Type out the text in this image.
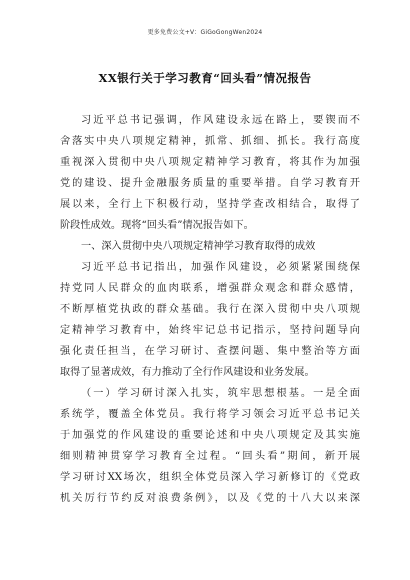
更多免费公文+V：GiGoGongWen2024
XX银行关于学习教育“回头看”情况报告
习近平总书记强调，作风建设永远在路上，要锲而不
舍落实中央八项规定精神，抓常、抓细、抓长。我行高度
重视深入贯彻中央八项规定精神学习教育，将其作为加强
党的建设、提升金融服务质量的重要举措。自学习教育开
展以来，全行上下积极行动，坚持学查改相结合，取得了
阶段性成效。现将“回头看”情况报告如下。
一、深入贯彻中央八项规定精神学习教育取得的成效
习近平总书记指出，加强作风建设，必须紧紧围绕保
持党同人民群众的血肉联系，增强群众观念和群众感情，
不断厚植党执政的群众基础。我行在深入贯彻中央八项规
定精神学习教育中，始终牢记总书记指示，坚持问题导向
强化责任担当，在学习研讨、查摆问题、集中整治等方面
取得了显著成效，有力推动了全行作风建设和业务发展。
（一）学习研讨深入扎实，筑牢思想根基。一是全面
系统学，覆盖全体党员。我行将学习领会习近平总书记关
于加强党的作风建设的重要论述和中央八项规定及其实施
细则精神贯穿学习教育全过程。“回头看”期间，新开展
学习研讨XX场次，组织全体党员深入学习新修订的《党政
机关厉行节约反对浪费条例》，以及《党的十八大以来深
